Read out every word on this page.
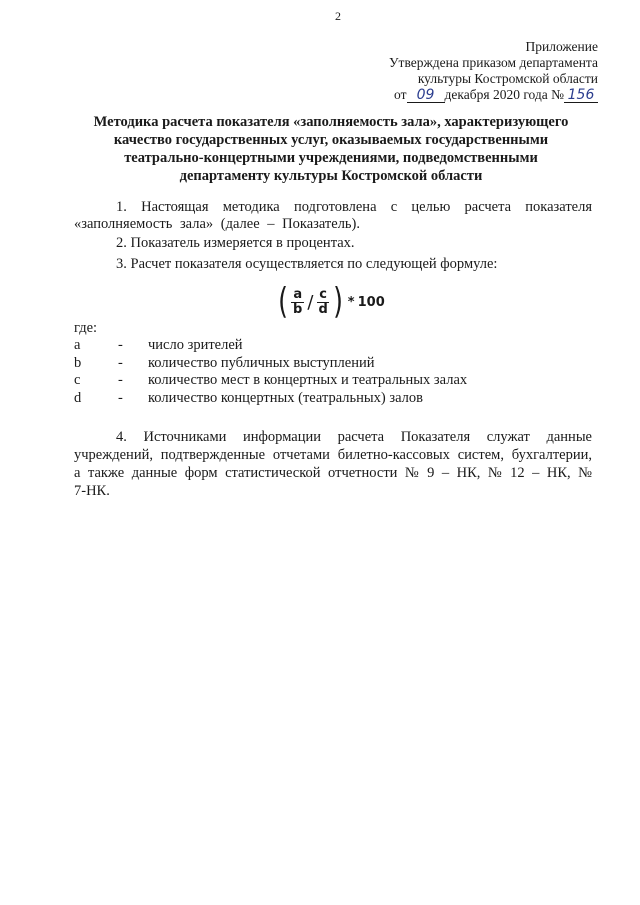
2
Приложение
Утверждена приказом департамента
культуры Костромской области
от 09 декабря 2020 года № 156
Методика расчета показателя «заполняемость зала», характеризующего
качество государственных услуг, оказываемых государственными
театрально-концертными учреждениями, подведомственными
департаменту культуры Костромской области
1. Настоящая методика подготовлена с целью расчета показателя «заполняемость зала» (далее – Показатель).
2. Показатель измеряется в процентах.
3. Расчет показателя осуществляется по следующей формуле:
( $\frac{a}{b} / \frac{c}{d}$ ) * 100
где:
a	-	число зрителей
b	-	количество публичных выступлений
c	-	количество мест в концертных и театральных залах
d	-	количество концертных (театральных) залов
4. Источниками информации расчета Показателя служат данные учреждений, подтвержденные отчетами билетно-кассовых систем, бухгалтерии, а также данные форм статистической отчетности № 9 – НК, № 12 – НК, № 7-НК.
